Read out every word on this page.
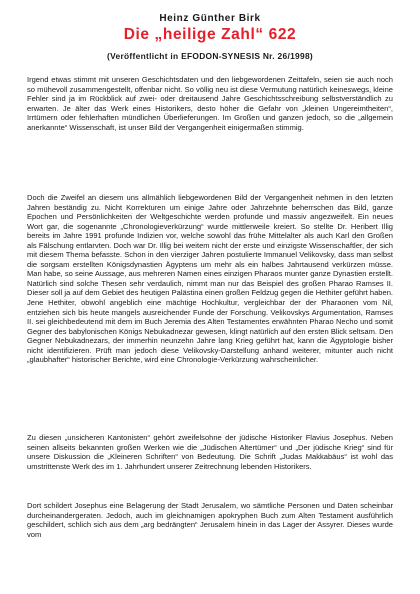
Heinz Günther Birk

Die „heilige Zahl“ 622

(Veröffentlicht in EFODON-SYNESIS Nr. 26/1998)

Irgend etwas stimmt mit unseren Geschichtsdaten und den liebgewordenen Zeittafeln, seien sie auch noch so mühevoll zusammengestellt, offenbar nicht. So völlig neu ist diese Vermutung natürlich keineswegs, kleine Fehler sind ja im Rückblick auf zwei- oder dreitausend Jahre Geschichtsschreibung selbstverständlich zu erwarten. Je älter das Werk eines Historikers, desto höher die Gefahr von „kleinen Ungereimtheiten“, Irrtümern oder fehlerhaften mündlichen Überlieferungen. Im Großen und ganzen jedoch, so die „allgemein anerkannte“ Wissenschaft, ist unser Bild der Vergangenheit einigermaßen stimmig.

Doch die Zweifel an diesem uns allmählich liebgewordenen Bild der Vergangenheit nehmen in den letzten Jahren beständig zu. Nicht Korrekturen um einige Jahre oder Jahrzehnte beherrschen das Bild, ganze Epochen und Persönlichkeiten der Weltgeschichte werden profunde und massiv angezweifelt. Ein neues Wort gar, die sogenannte „Chronologieverkürzung“ wurde mittlerweile kreiert. So stellte Dr. Heribert Illig bereits im Jahre 1991 profunde Indizien vor, welche sowohl das frühe Mittelalter als auch Karl den Großen als Fälschung entlarvten. Doch war Dr. Illig bei weitem nicht der erste und einzigste Wissenschaftler, der sich mit diesem Thema befasste. Schon in den vierziger Jahren postulierte Immanuel Velikovsky, dass man selbst die sorgsam erstellten Königsdynastien Ägyptens um mehr als ein halbes Jahrtausend verkürzen müsse. Man habe, so seine Aussage, aus mehreren Namen eines einzigen Pharaos munter ganze Dynastien erstellt. Natürlich sind solche Thesen sehr verdaulich, nimmt man nur das Beispiel des großen Pharao Ramses II. Dieser soll ja auf dem Gebiet des heutigen Palästina einen großen Feldzug gegen die Hethiter geführt haben. Jene Hethiter, obwohl angeblich eine mächtige Hochkultur, vergleichbar der der Pharaonen vom Nil, entziehen sich bis heute mangels ausreichender Funde der Forschung. Velikovskys Argumentation, Ramses II. sei gleichbedeutend mit dem im Buch Jeremia des Alten Testamentes erwähnten Pharao Necho und somit Gegner des babylonischen Königs Nebukadnezar gewesen, klingt natürlich auf den ersten Blick seltsam. Den Gegner Nebukadnezars, der immerhin neunzehn Jahre lang Krieg geführt hat, kann die Ägyptologie bisher nicht identifizieren. Prüft man jedoch diese Velikovsky-Darstellung anhand weiterer, mitunter auch nicht „glaubhafter“ historischer Berichte, wird eine Chronologie-Verkürzung wahrscheinlicher.

Zu diesen „unsicheren Kantonisten“ gehört zweifelsohne der jüdische Historiker Flavius Josephus. Neben seinen allseits bekannten großen Werken wie die „Jüdischen Altertümer“ und „Der jüdische Krieg“ sind für unsere Diskussion die „Kleineren Schriften“ von Bedeutung. Die Schrift „Judas Makkabäus“ ist wohl das umstrittenste Werk des im 1. Jahrhundert unserer Zeitrechnung lebenden Historikers.

Dort schildert Josephus eine Belagerung der Stadt Jerusalem, wo sämtliche Personen und Daten scheinbar durcheinandergeraten. Jedoch, auch im gleichnamigen apokryphen Buch zum Alten Testament ausführlich geschildert, schlich sich aus dem „arg bedrängten“ Jerusalem hinein in das Lager der Assyrer. Dieses wurde vom
